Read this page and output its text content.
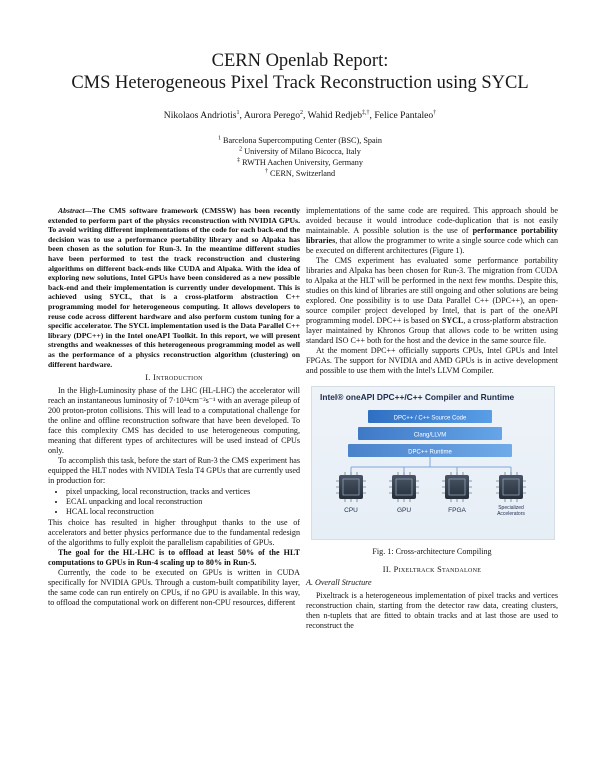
CERN Openlab Report:
CMS Heterogeneous Pixel Track Reconstruction using SYCL
Nikolaos Andriotis$^1$, Aurora Perego$^2$, Wahid Redjeb‡,†, Felice Pantaleo†
$^1$ Barcelona Supercomputing Center (BSC), Spain
$^2$ University of Milano Bicocca, Italy
‡ RWTH Aachen University, Germany
† CERN, Switzerland

Abstract—The CMS software framework (CMSSW) has been recently extended to perform part of the physics reconstruction with NVIDIA GPUs. To avoid writing different implementations of the code for each back-end the decision was to use a performance portability library and so Alpaka has been chosen as the solution for Run-3. In the meantime different studies have been performed to test the track reconstruction and clustering algorithms on different back-ends like CUDA and Alpaka. With the idea of exploring new solutions, Intel GPUs have been considered as a new possible back-end and their implementation is currently under development. This is achieved using SYCL, that is a cross-platform abstraction C++ programming model for heterogeneous computing. It allows developers to reuse code across different hardware and also perform custom tuning for a specific accelerator. The SYCL implementation used is the Data Parallel C++ library (DPC++) in the Intel oneAPI Toolkit. In this report, we will present strengths and weaknesses of this heterogeneous programming model as well as the performance of a physics reconstruction algorithm (clustering) on different hardware.

I. Introduction

In the High-Luminosity phase of the LHC (HL-LHC) the accelerator will reach an instantaneous luminosity of 7·10³⁴cm⁻²s⁻¹ with an average pileup of 200 proton-proton collisions. This will lead to a computational challenge for the online and offline reconstruction software that have been developed. To face this complexity CMS has decided to use heterogeneous computing, meaning that different types of architectures will be used instead of CPUs only.

To accomplish this task, before the start of Run-3 the CMS experiment has equipped the HLT nodes with NVIDIA Tesla T4 GPUs that are currently used in production for:

• pixel unpacking, local reconstruction, tracks and vertices
• ECAL unpacking and local reconstruction
• HCAL local reconstruction

This choice has resulted in higher throughput thanks to the use of accelerators and better physics performance due to the fundamental redesign of the algorithms to fully exploit the parallelism capabilities of GPUs.

The goal for the HL-LHC is to offload at least 50% of the HLT computations to GPUs in Run-4 scaling up to 80% in Run-5.

Currently, the code to be executed on GPUs is written in CUDA specifically for NVIDIA GPUs. Through a custom-built compatibility layer, the same code can run entirely on CPUs, if no GPU is available. In this way, to offload the computational work on different non-CPU resources, different

implementations of the same code are required. This approach should be avoided because it would introduce code-duplication that is not easily maintainable. A possible solution is the use of performance portability libraries, that allow the programmer to write a single source code which can be executed on different architectures (Figure 1).

The CMS experiment has evaluated some performance portability libraries and Alpaka has been chosen for Run-3. The migration from CUDA to Alpaka at the HLT will be performed in the next few months. Despite this, studies on this kind of libraries are still ongoing and other solutions are being explored. One possibility is to use Data Parallel C++ (DPC++), an open-source compiler project developed by Intel, that is part of the oneAPI programming model. DPC++ is based on SYCL, a cross-platform abstraction layer maintained by Khronos Group that allows code to be written using standard ISO C++ both for the host and the device in the same source file.

At the moment DPC++ officially supports CPUs, Intel GPUs and Intel FPGAs. The support for NVIDIA and AMD GPUs is in active development and possible to use them with the Intel's LLVM Compiler.

Intel® oneAPI DPC++/C++ Compiler and Runtime
DPC++ / C++ Source Code
Clang/LLVM
DPC++ Runtime
CPU	GPU	FPGA	Specialized Accelerators
Fig. 1: Cross-architecture Compiling
II. Pixeltrack Standalone
A. Overall Structure

Pixeltrack is a heterogeneous implementation of pixel tracks and vertices reconstruction chain, starting from the detector raw data, creating clusters, then n-tuplets that are fitted to obtain tracks and at last those are used to reconstruct the
